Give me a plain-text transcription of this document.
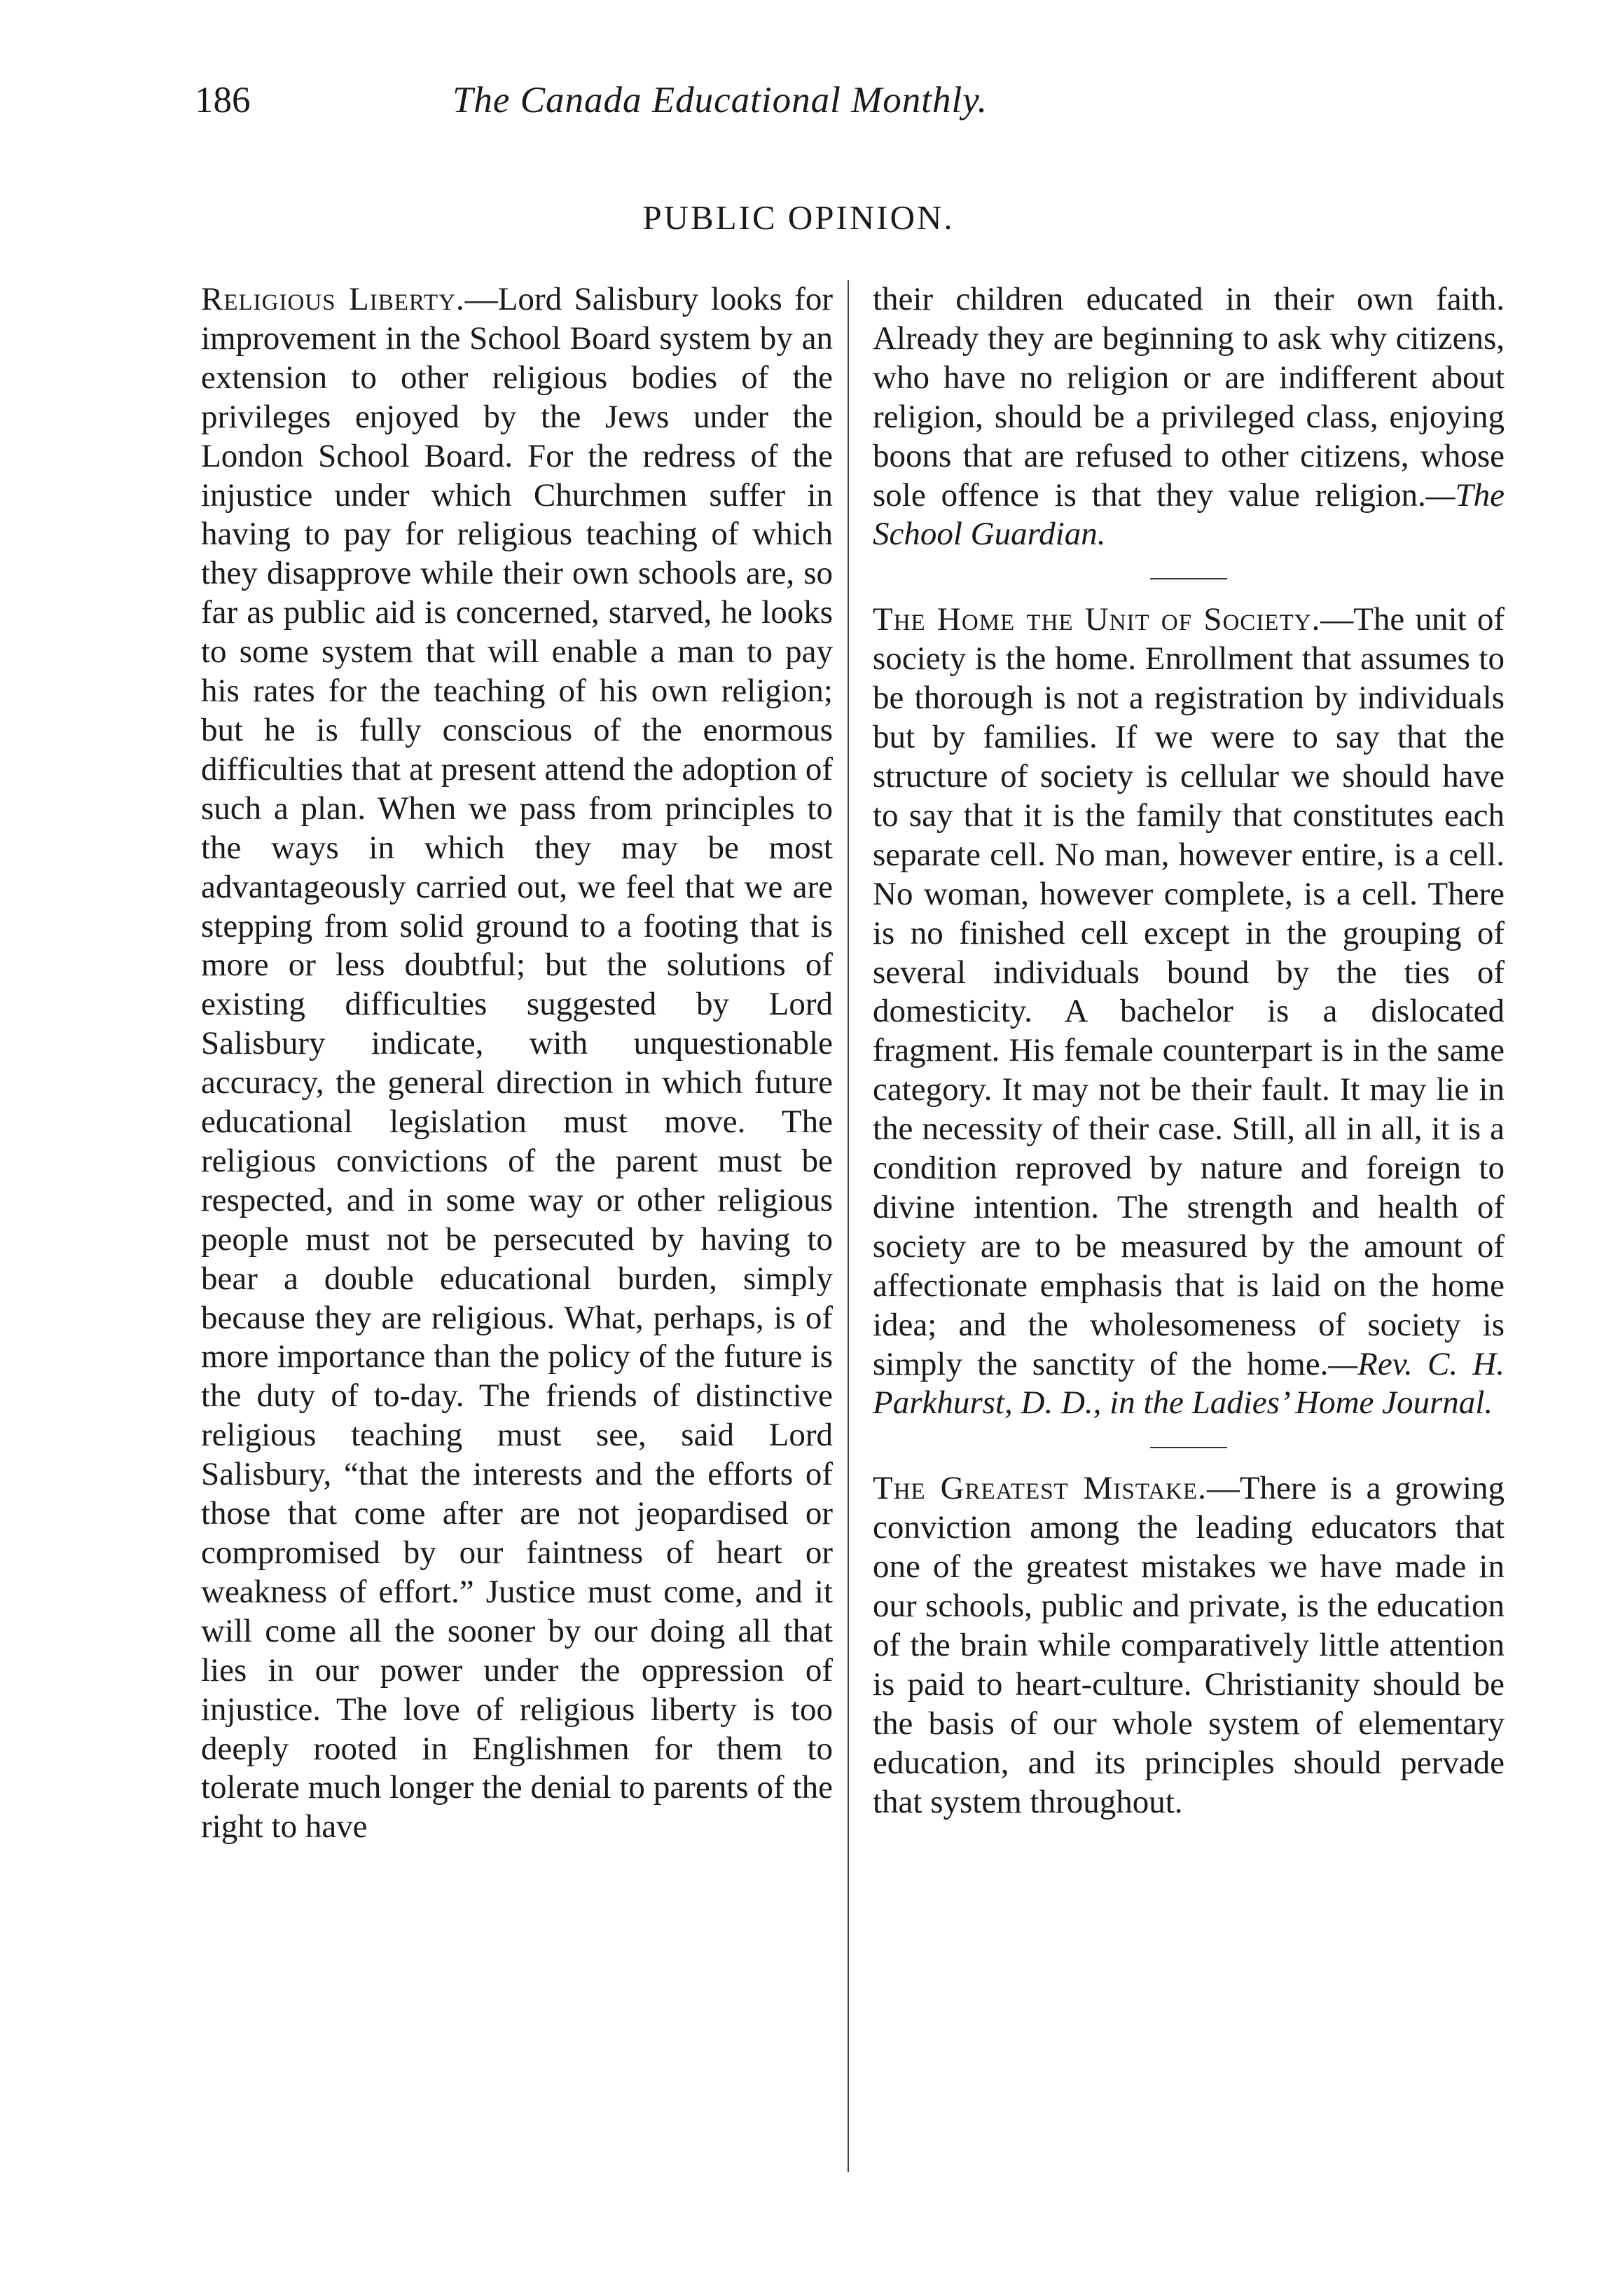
186	The Canada Educational Monthly.
PUBLIC OPINION.

Religious Liberty.—Lord Salisbury looks for improvement in the School Board system by an extension to other religious bodies of the privileges enjoyed by the Jews under the London School Board. For the redress of the injustice under which Churchmen suffer in having to pay for religious teaching of which they disapprove while their own schools are, so far as public aid is concerned, starved, he looks to some system that will enable a man to pay his rates for the teaching of his own religion; but he is fully conscious of the enormous difficulties that at present attend the adoption of such a plan. When we pass from principles to the ways in which they may be most advantageously carried out, we feel that we are stepping from solid ground to a footing that is more or less doubtful; but the solutions of existing difficulties suggested by Lord Salisbury indicate, with unquestionable accuracy, the general direction in which future educational legislation must move. The religious convictions of the parent must be respected, and in some way or other religious people must not be persecuted by having to bear a double educational burden, simply because they are religious. What, perhaps, is of more importance than the policy of the future is the duty of to-day. The friends of distinctive religious teaching must see, said Lord Salisbury, “that the interests and the efforts of those that come after are not jeopardised or compromised by our faintness of heart or weakness of effort.” Justice must come, and it will come all the sooner by our doing all that lies in our power under the oppression of injustice. The love of religious liberty is too deeply rooted in Englishmen for them to tolerate much longer the denial to parents of the right to have

their children educated in their own faith. Already they are beginning to ask why citizens, who have no religion or are indifferent about religion, should be a privileged class, enjoying boons that are refused to other citizens, whose sole offence is that they value religion.—The School Guardian.

The Home the Unit of Society.—The unit of society is the home. Enrollment that assumes to be thorough is not a registration by individuals but by families. If we were to say that the structure of society is cellular we should have to say that it is the family that constitutes each separate cell. No man, however entire, is a cell. No woman, however complete, is a cell. There is no finished cell except in the grouping of several individuals bound by the ties of domesticity. A bachelor is a dislocated fragment. His female counterpart is in the same category. It may not be their fault. It may lie in the necessity of their case. Still, all in all, it is a condition reproved by nature and foreign to divine intention. The strength and health of society are to be measured by the amount of affectionate emphasis that is laid on the home idea; and the wholesomeness of society is simply the sanctity of the home.—Rev. C. H. Parkhurst, D. D., in the Ladies’ Home Journal.

The Greatest Mistake.—There is a growing conviction among the leading educators that one of the greatest mistakes we have made in our schools, public and private, is the education of the brain while comparatively little attention is paid to heart-culture. Christianity should be the basis of our whole system of elementary education, and its principles should pervade that system throughout.
